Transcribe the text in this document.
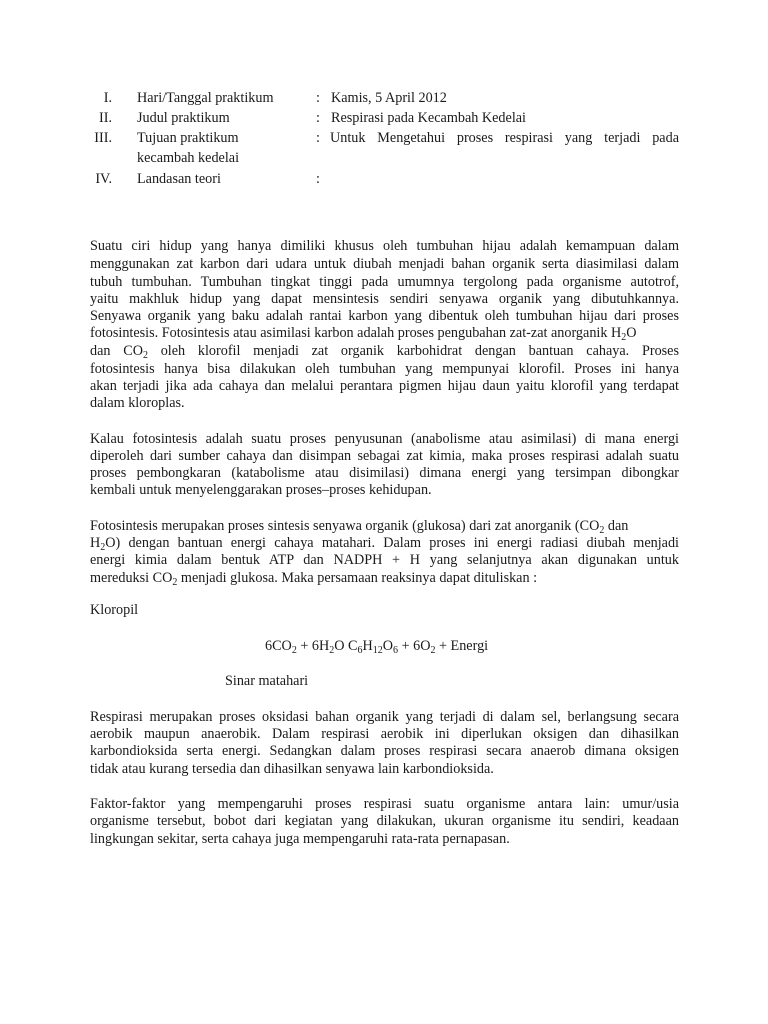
I. Hari/Tanggal praktikum	: Kamis, 5 April 2012
II. Judul praktikum	: Respirasi pada Kecambah Kedelai
III. Tujuan praktikum	: Untuk Mengetahui proses respirasi yang terjadi pada
kecambah kedelai
IV. Landasan teori	:
Suatu ciri hidup yang hanya dimiliki khusus oleh tumbuhan hijau adalah kemampuan dalam
menggunakan zat karbon dari udara untuk diubah menjadi bahan organik serta diasimilasi dalam
tubuh tumbuhan. Tumbuhan tingkat tinggi pada umumnya tergolong pada organisme autotrof,
yaitu makhluk hidup yang dapat mensintesis sendiri senyawa organik yang dibutuhkannya.
Senyawa organik yang baku adalah rantai karbon yang dibentuk oleh tumbuhan hijau dari proses
fotosintesis. Fotosintesis atau asimilasi karbon adalah proses pengubahan zat-zat anorganik $H_2O$
dan $CO_2$ oleh klorofil menjadi zat organik karbohidrat dengan bantuan cahaya. Proses
fotosintesis hanya bisa dilakukan oleh tumbuhan yang mempunyai klorofil. Proses ini hanya
akan terjadi jika ada cahaya dan melalui perantara pigmen hijau daun yaitu klorofil yang terdapat
dalam kloroplas.
Kalau fotosintesis adalah suatu proses penyusunan (anabolisme atau asimilasi) di mana energi
diperoleh dari sumber cahaya dan disimpan sebagai zat kimia, maka proses respirasi adalah suatu
proses pembongkaran (katabolisme atau disimilasi) dimana energi yang tersimpan dibongkar
kembali untuk menyelenggarakan proses–proses kehidupan.
Fotosintesis merupakan proses sintesis senyawa organik (glukosa) dari zat anorganik ($CO_2$ dan
$H_2O$) dengan bantuan energi cahaya matahari. Dalam proses ini energi radiasi diubah menjadi
energi kimia dalam bentuk ATP dan NADPH + H yang selanjutnya akan digunakan untuk
mereduksi $CO_2$ menjadi glukosa. Maka persamaan reaksinya dapat dituliskan :
Kloropil
$6CO_2 + 6H_2O$ $C_6H_{12}O_6 + 6O_2$ + Energi
Sinar matahari
Respirasi merupakan proses oksidasi bahan organik yang terjadi di dalam sel, berlangsung secara
aerobik maupun anaerobik. Dalam respirasi aerobik ini diperlukan oksigen dan dihasilkan
karbondioksida serta energi. Sedangkan dalam proses respirasi secara anaerob dimana oksigen
tidak atau kurang tersedia dan dihasilkan senyawa lain karbondioksida.
Faktor-faktor yang mempengaruhi proses respirasi suatu organisme antara lain: umur/usia
organisme tersebut, bobot dari kegiatan yang dilakukan, ukuran organisme itu sendiri, keadaan
lingkungan sekitar, serta cahaya juga mempengaruhi rata-rata pernapasan.
